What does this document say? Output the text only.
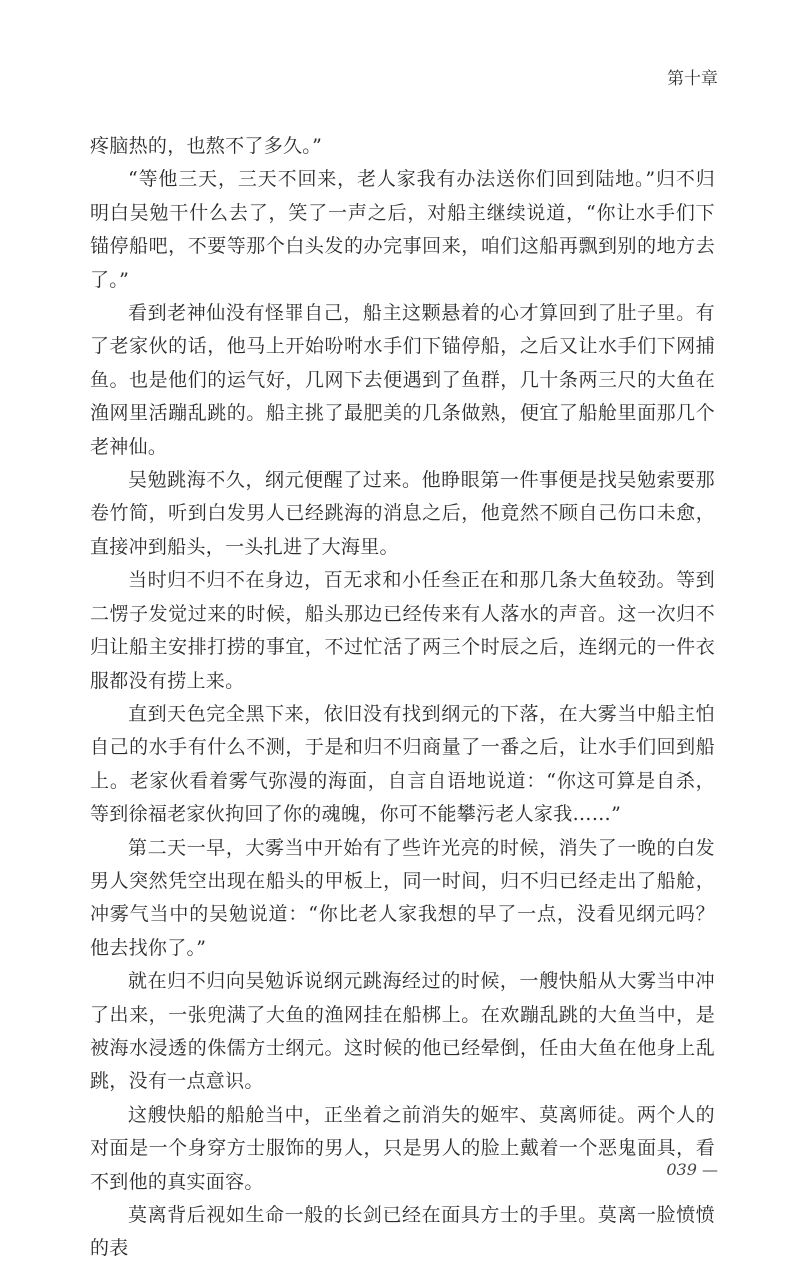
第十章

疼脑热的，也熬不了多久。”

“等他三天，三天不回来，老人家我有办法送你们回到陆地。”归不归明白吴勉干什么去了，笑了一声之后，对船主继续说道，“你让水手们下锚停船吧，不要等那个白头发的办完事回来，咱们这船再飘到别的地方去了。”

看到老神仙没有怪罪自己，船主这颗悬着的心才算回到了肚子里。有了老家伙的话，他马上开始吩咐水手们下锚停船，之后又让水手们下网捕鱼。也是他们的运气好，几网下去便遇到了鱼群，几十条两三尺的大鱼在渔网里活蹦乱跳的。船主挑了最肥美的几条做熟，便宜了船舱里面那几个老神仙。

吴勉跳海不久，纲元便醒了过来。他睁眼第一件事便是找吴勉索要那卷竹简，听到白发男人已经跳海的消息之后，他竟然不顾自己伤口未愈，直接冲到船头，一头扎进了大海里。

当时归不归不在身边，百无求和小任叁正在和那几条大鱼较劲。等到二愣子发觉过来的时候，船头那边已经传来有人落水的声音。这一次归不归让船主安排打捞的事宜，不过忙活了两三个时辰之后，连纲元的一件衣服都没有捞上来。

直到天色完全黑下来，依旧没有找到纲元的下落，在大雾当中船主怕自己的水手有什么不测，于是和归不归商量了一番之后，让水手们回到船上。老家伙看着雾气弥漫的海面，自言自语地说道：“你这可算是自杀，等到徐福老家伙拘回了你的魂魄，你可不能攀污老人家我……”

第二天一早，大雾当中开始有了些许光亮的时候，消失了一晚的白发男人突然凭空出现在船头的甲板上，同一时间，归不归已经走出了船舱，冲雾气当中的吴勉说道：“你比老人家我想的早了一点，没看见纲元吗？他去找你了。”

就在归不归向吴勉诉说纲元跳海经过的时候，一艘快船从大雾当中冲了出来，一张兜满了大鱼的渔网挂在船梆上。在欢蹦乱跳的大鱼当中，是被海水浸透的侏儒方士纲元。这时候的他已经晕倒，任由大鱼在他身上乱跳，没有一点意识。

这艘快船的船舱当中，正坐着之前消失的姬牢、莫离师徒。两个人的对面是一个身穿方士服饰的男人，只是男人的脸上戴着一个恶鬼面具，看不到他的真实面容。

莫离背后视如生命一般的长剑已经在面具方士的手里。莫离一脸愤愤的表

039 —
